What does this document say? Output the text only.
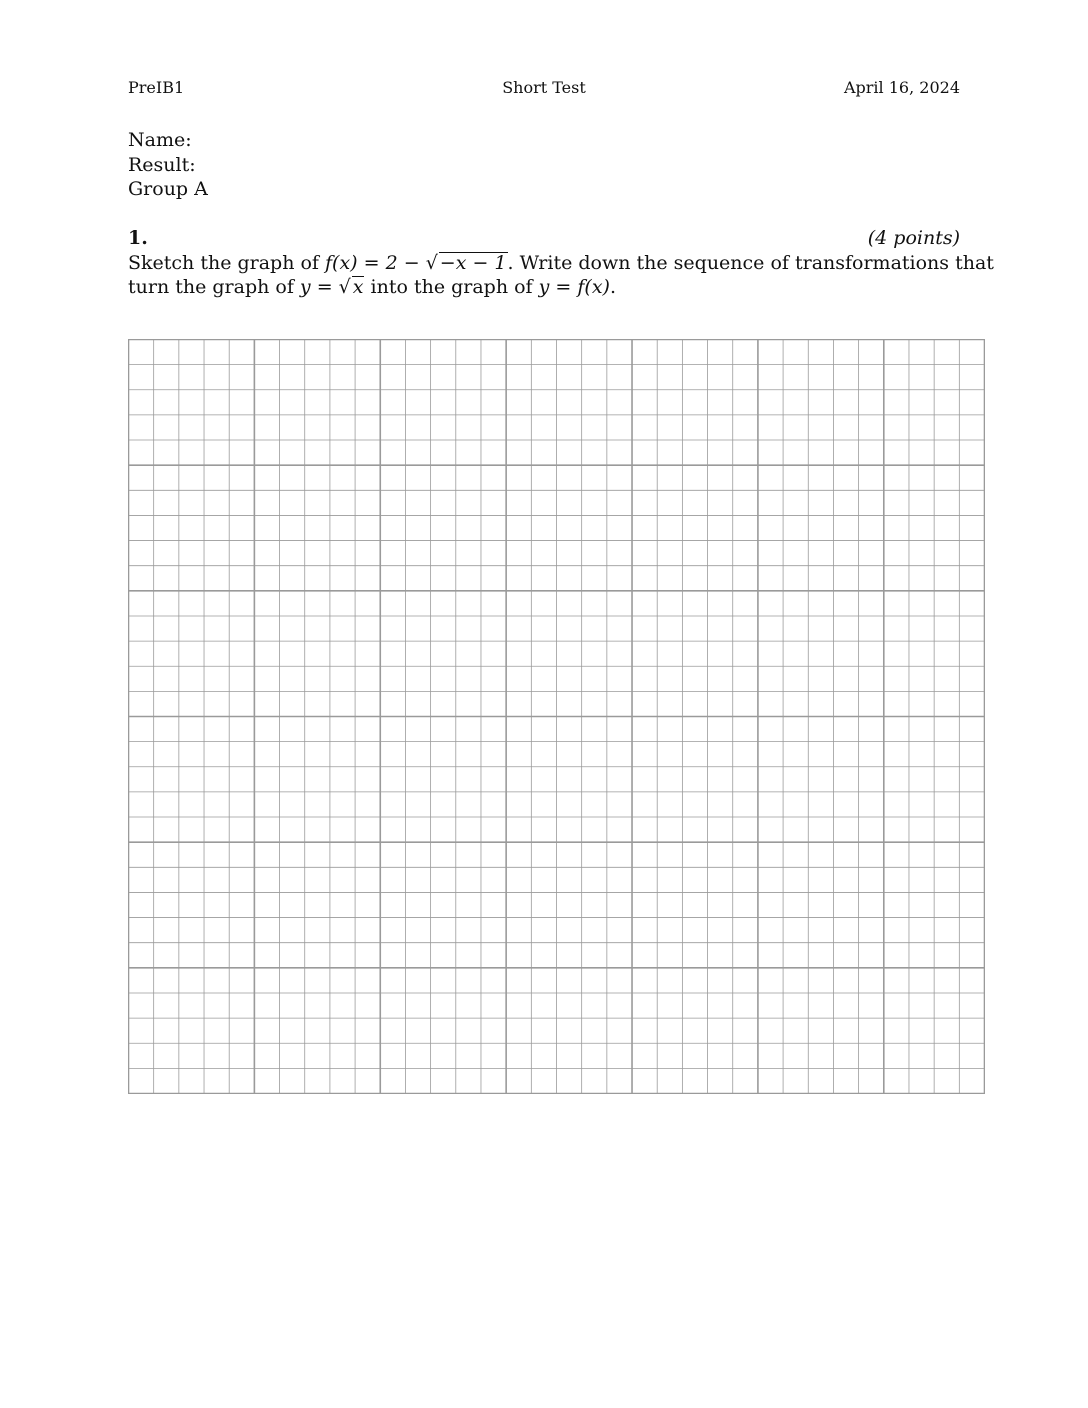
PreIB1	Short Test	April 16, 2024
Name:
Result:
Group A
1.	(4 points)
Sketch the graph of f(x) = 2 − √ −x − 1. Write down the sequence of transformations that
turn the graph of y = √ x into the graph of y = f(x).
